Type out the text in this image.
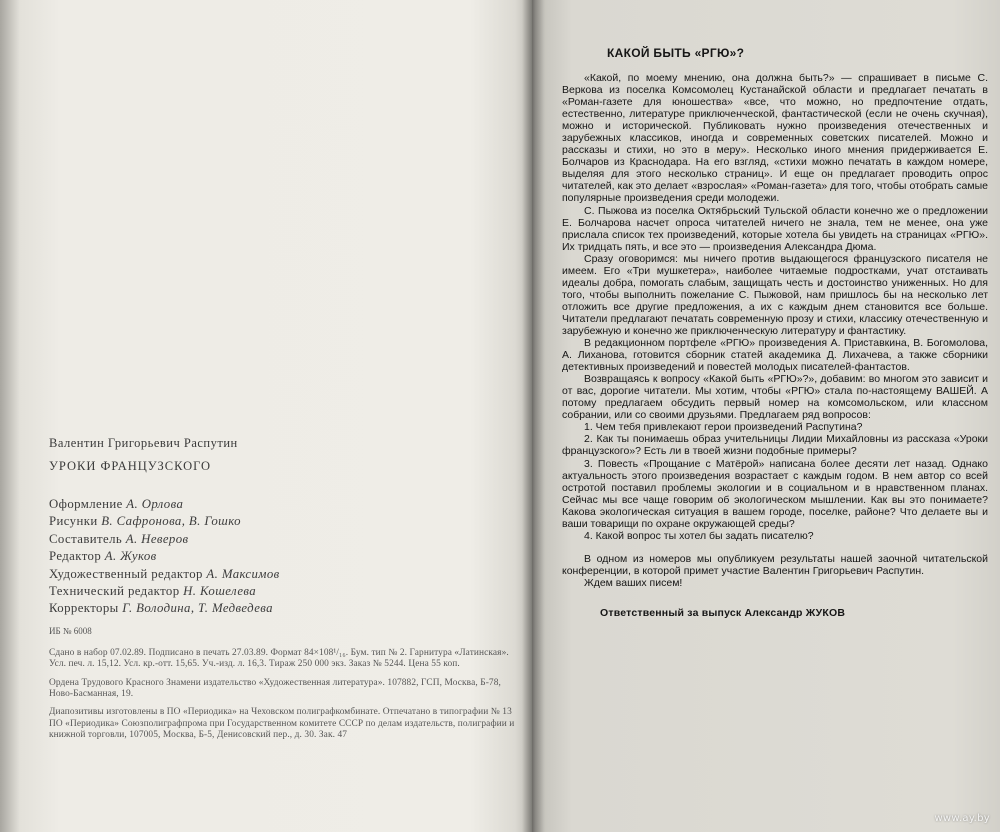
Валентин Григорьевич Распутин
УРОКИ ФРАНЦУЗСКОГО
Оформление А. Орлова
Рисунки В. Сафронова, В. Гошко
Составитель А. Неверов
Редактор А. Жуков
Художественный редактор А. Максимов
Технический редактор Н. Кошелева
Корректоры Г. Володина, Т. Медведева
ИБ № 6008

Сдано в набор 07.02.89. Подписано в печать 27.03.89. Формат 84×108¹/₁₆. Бум. тип № 2. Гарнитура «Латинская». Усл. печ. л. 15,12. Усл. кр.-отт. 15,65. Уч.-изд. л. 16,3. Тираж 250 000 экз. Заказ № 5244. Цена 55 коп.

Ордена Трудового Красного Знамени издательство «Художественная литература». 107882, ГСП, Москва, Б-78, Ново-Басманная, 19.

Диапозитивы изготовлены в ПО «Периодика» на Чеховском полиграфкомбинате. Отпечатано в типографии № 13 ПО «Периодика» Союзполиграфпрома при Государственном комитете СССР по делам издательств, полиграфии и книжной торговли, 107005, Москва, Б-5, Денисовский пер., д. 30. Зак. 47

КАКОЙ БЫТЬ «РГЮ»?

«Какой, по моему мнению, она должна быть?» — спрашивает в письме С. Веркова из поселка Комсомолец Кустанайской области и предлагает печатать в «Роман-газете для юношества» «все, что можно, но предпочтение отдать, естественно, литературе приключенческой, фантастической (если не очень скучная), можно и исторической. Публиковать нужно произведения отечественных и зарубежных классиков, иногда и современных советских писателей. Можно и рассказы и стихи, но это в меру». Несколько иного мнения придерживается Е. Болчаров из Краснодара. На его взгляд, «стихи можно печатать в каждом номере, выделяя для этого несколько страниц». И еще он предлагает проводить опрос читателей, как это делает «взрослая» «Роман-газета» для того, чтобы отобрать самые популярные произведения среди молодежи.

С. Пыжова из поселка Октябрьский Тульской области конечно же о предложении Е. Болчарова насчет опроса читателей ничего не знала, тем не менее, она уже прислала список тех произведений, которые хотела бы увидеть на страницах «РГЮ». Их тридцать пять, и все это — произведения Александра Дюма.

Сразу оговоримся: мы ничего против выдающегося французского писателя не имеем. Его «Три мушкетера», наиболее читаемые подростками, учат отстаивать идеалы добра, помогать слабым, защищать честь и достоинство униженных. Но для того, чтобы выполнить пожелание С. Пыжовой, нам пришлось бы на несколько лет отложить все другие предложения, а их с каждым днем становится все больше. Читатели предлагают печатать современную прозу и стихи, классику отечественную и зарубежную и конечно же приключенческую литературу и фантастику.

В редакционном портфеле «РГЮ» произведения А. Приставкина, В. Богомолова, А. Лиханова, готовится сборник статей академика Д. Лихачева, а также сборники детективных произведений и повестей молодых писателей-фантастов.

Возвращаясь к вопросу «Какой быть «РГЮ»?», добавим: во многом это зависит и от вас, дорогие читатели. Мы хотим, чтобы «РГЮ» стала по-настоящему ВАШЕЙ. А потому предлагаем обсудить первый номер на комсомольском, или классном собрании, или со своими друзьями. Предлагаем ряд вопросов:

1. Чем тебя привлекают герои произведений Распутина?
2. Как ты понимаешь образ учительницы Лидии Михайловны из рассказа «Уроки французского»? Есть ли в твоей жизни подобные примеры?
3. Повесть «Прощание с Матёрой» написана более десяти лет назад. Однако актуальность этого произведения возрастает с каждым годом. В нем автор со всей остротой поставил проблемы экологии и в социальном и в нравственном планах. Сейчас мы все чаще говорим об экологическом мышлении. Как вы это понимаете? Какова экологическая ситуация в вашем городе, поселке, районе? Что делаете вы и ваши товарищи по охране окружающей среды?
4. Какой вопрос ты хотел бы задать писателю?

В одном из номеров мы опубликуем результаты нашей заочной читательской конференции, в которой примет участие Валентин Григорьевич Распутин.

Ждем ваших писем!

Ответственный за выпуск Александр ЖУКОВ
www.ay.by
